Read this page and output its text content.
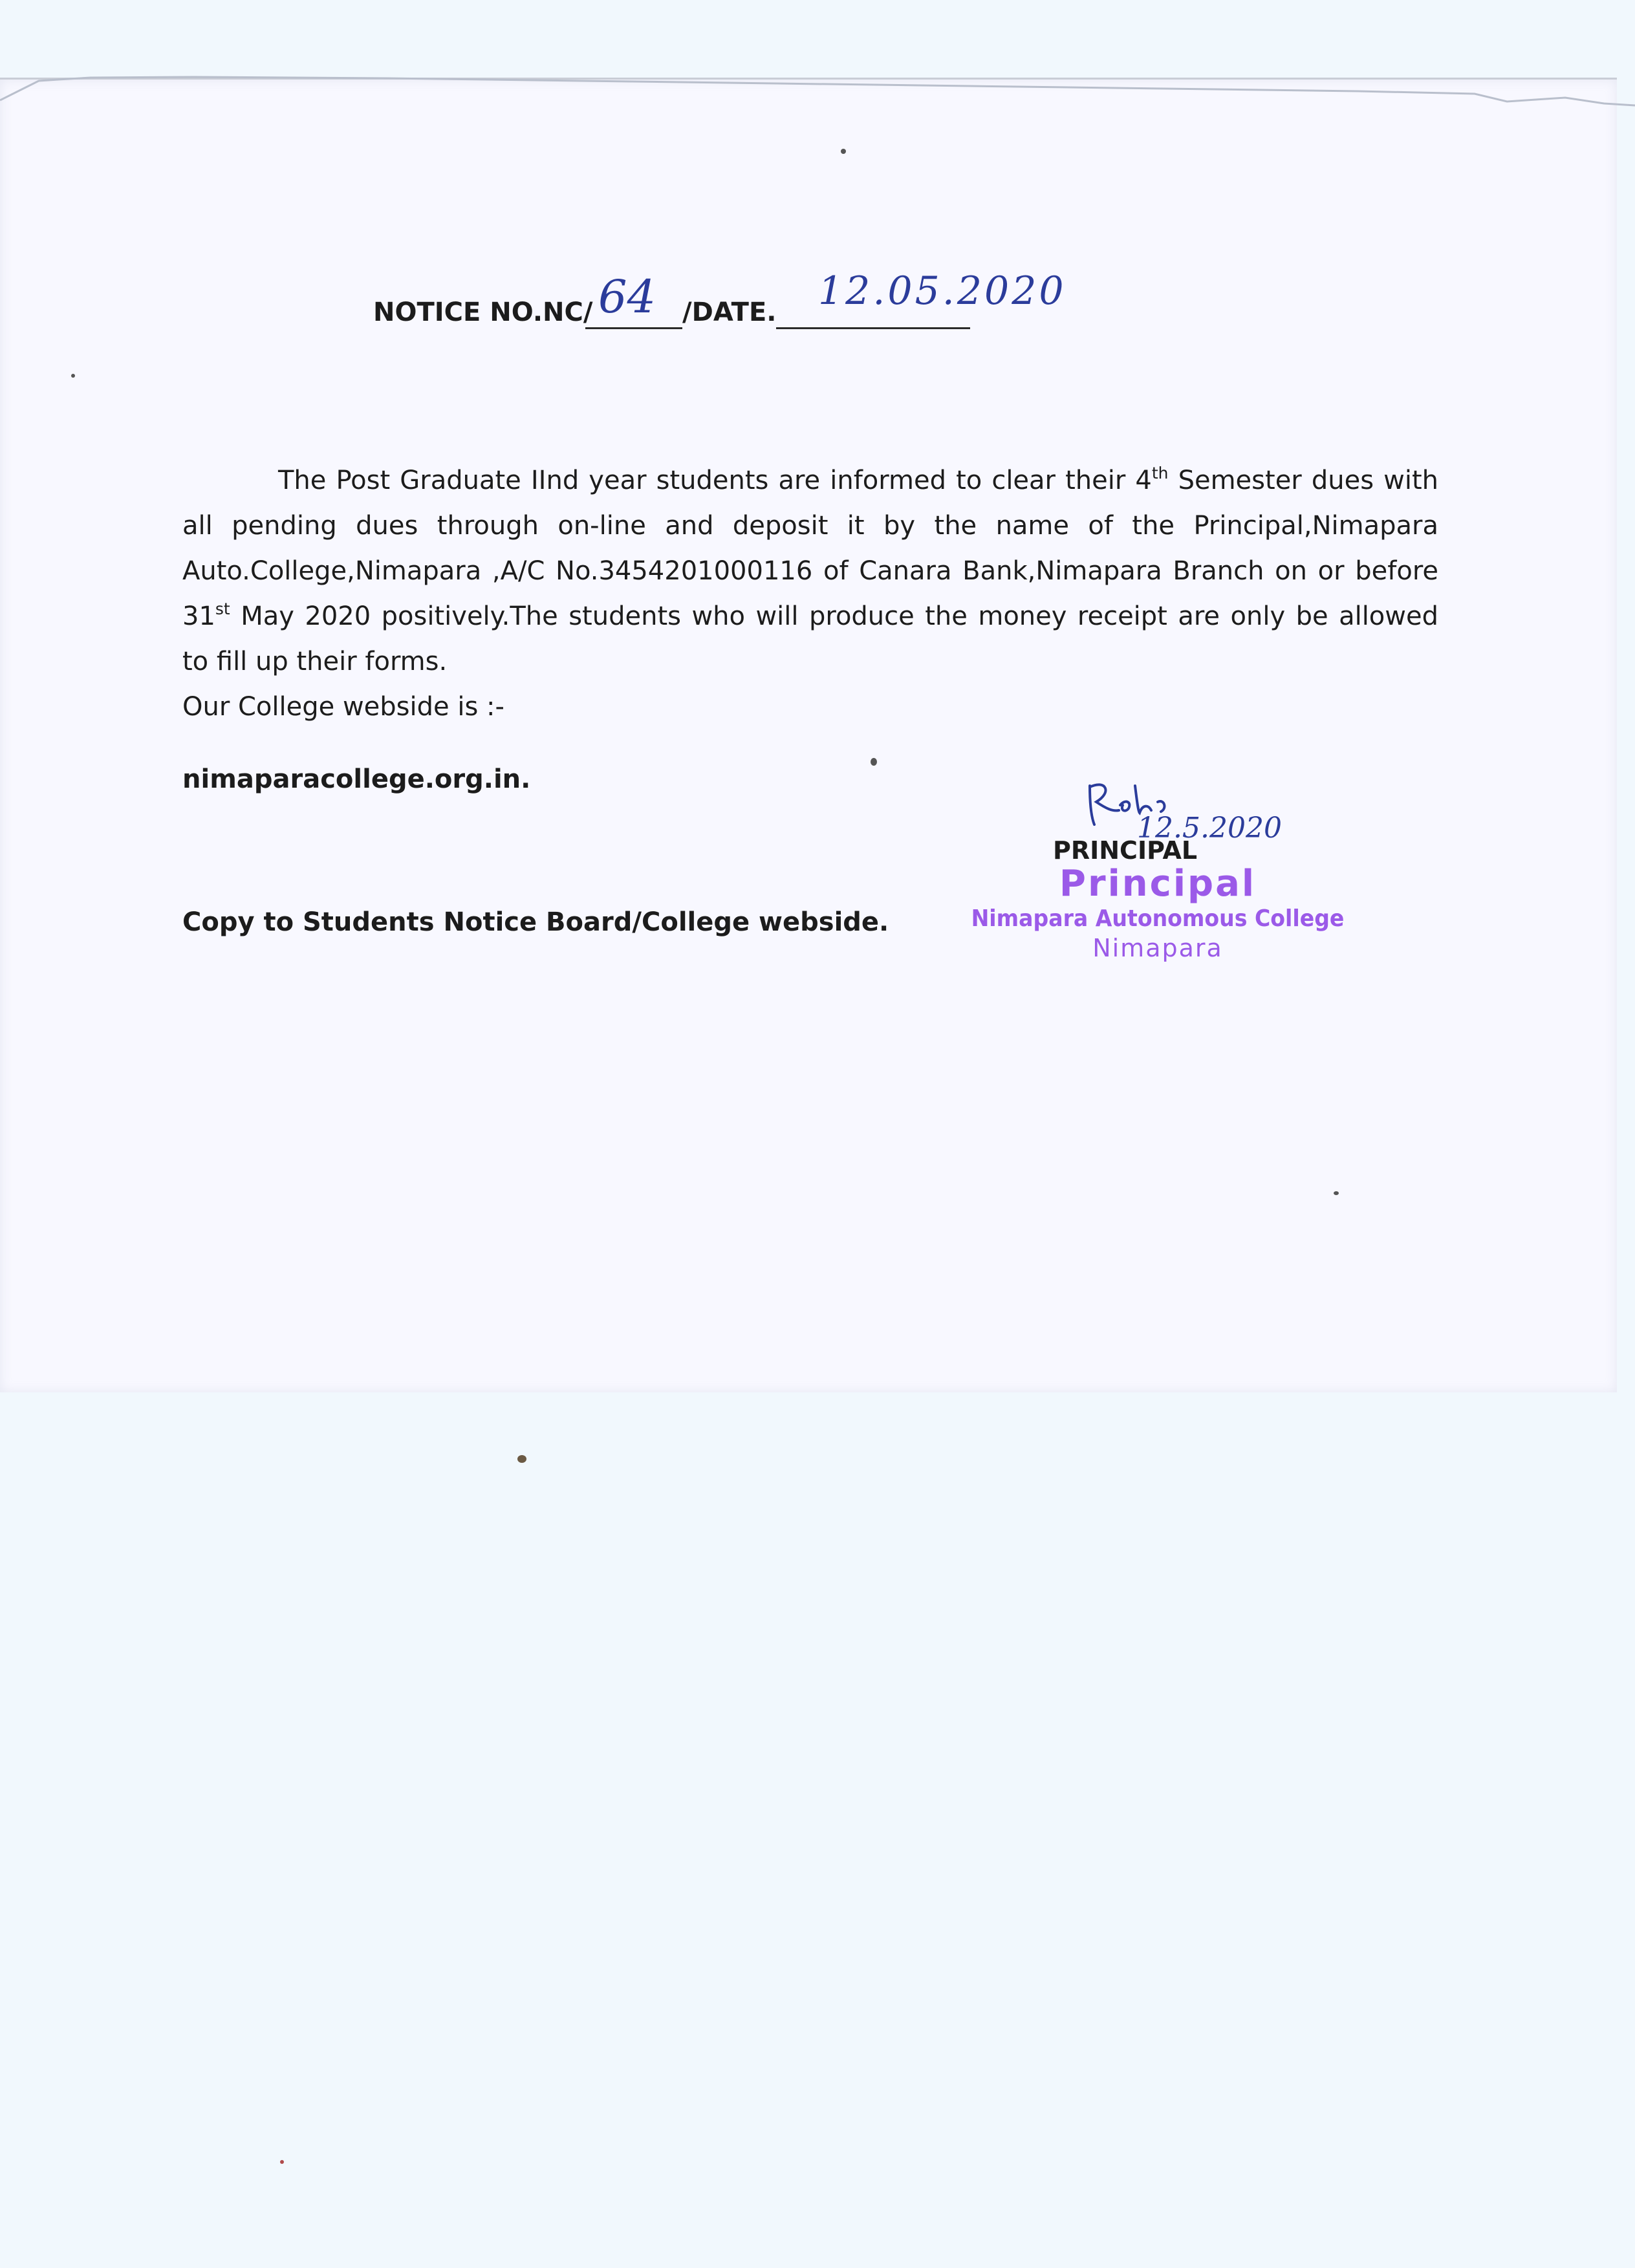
NOTICE NO.NC/ 64 /DATE. 12.05.2020

The Post Graduate IInd year students are informed to clear their 4th Semester dues with all pending dues through on-line and deposit it by the name of the Principal,Nimapara Auto.College,Nimapara ,A/C No.3454201000116 of Canara Bank,Nimapara Branch on or before 31st May 2020 positively.The students who will produce the money receipt are only be allowed to fill up their forms.

Our College webside is :-
nimaparacollege.org.in.
12.5.2020
PRINCIPAL
Principal
Nimapara Autonomous College
Nimapara
Copy to Students Notice Board/College webside.
